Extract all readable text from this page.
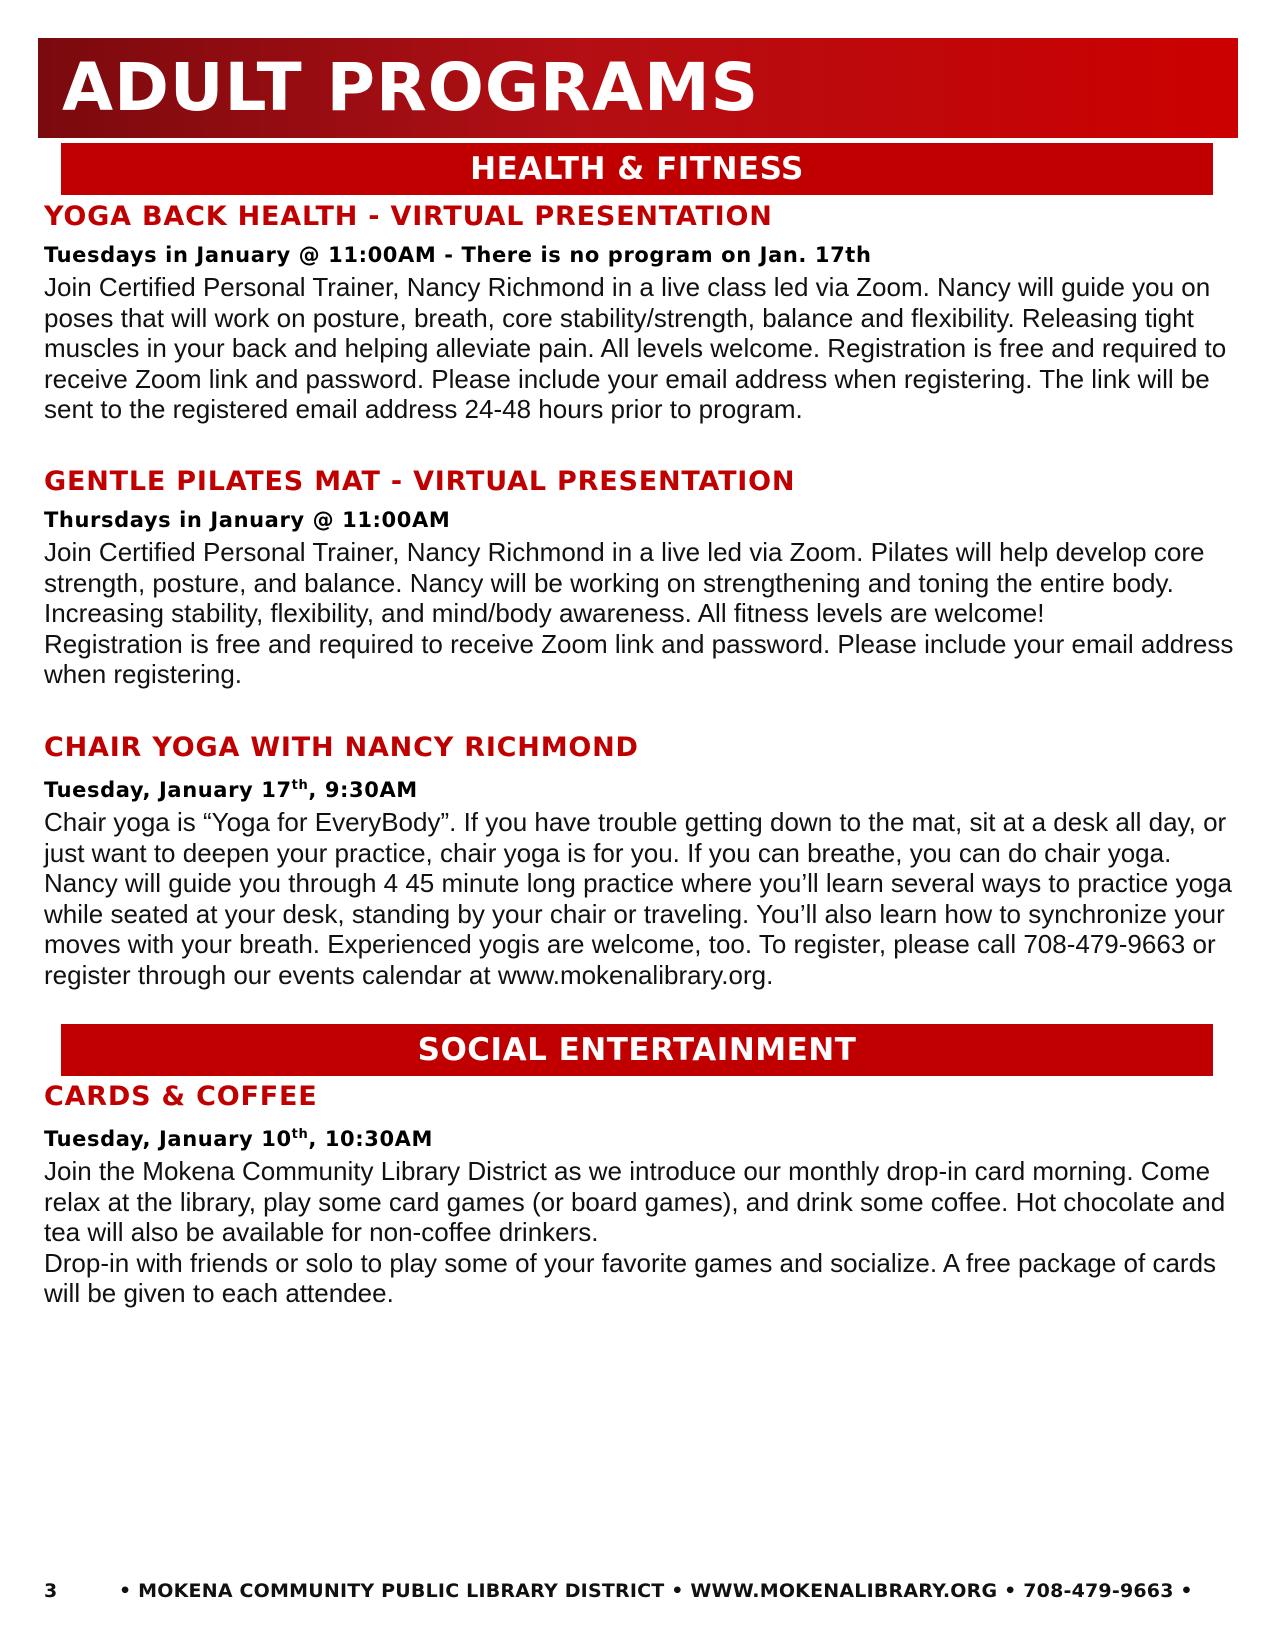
ADULT PROGRAMS
HEALTH & FITNESS
YOGA BACK HEALTH - VIRTUAL PRESENTATION
Tuesdays in January @ 11:00AM - There is no program on Jan. 17th

Join Certified Personal Trainer, Nancy Richmond in a live class led via Zoom. Nancy will guide you on poses that will work on posture, breath, core stability/strength, balance and flexibility. Releasing tight muscles in your back and helping alleviate pain. All levels welcome. Registration is free and required to receive Zoom link and password. Please include your email address when registering. The link will be sent to the registered email address 24-48 hours prior to program.

GENTLE PILATES MAT - VIRTUAL PRESENTATION
Thursdays in January @ 11:00AM

Join Certified Personal Trainer, Nancy Richmond in a live led via Zoom. Pilates will help develop core strength, posture, and balance. Nancy will be working on strengthening and toning the entire body. Increasing stability, flexibility, and mind/body awareness. All fitness levels are welcome!

Registration is free and required to receive Zoom link and password. Please include your email address when registering.

CHAIR YOGA WITH NANCY RICHMOND
Tuesday, January 17th, 9:30AM

Chair yoga is “Yoga for EveryBody”. If you have trouble getting down to the mat, sit at a desk all day, or just want to deepen your practice, chair yoga is for you. If you can breathe, you can do chair yoga. Nancy will guide you through 4 45 minute long practice where you’ll learn several ways to practice yoga while seated at your desk, standing by your chair or traveling. You’ll also learn how to synchronize your moves with your breath. Experienced yogis are welcome, too. To register, please call 708-479-9663 or register through our events calendar at www.mokenalibrary.org.

SOCIAL ENTERTAINMENT
CARDS & COFFEE
Tuesday, January 10th, 10:30AM

Join the Mokena Community Library District as we introduce our monthly drop-in card morning. Come relax at the library, play some card games (or board games), and drink some coffee. Hot chocolate and tea will also be available for non-coffee drinkers.

Drop-in with friends or solo to play some of your favorite games and socialize. A free package of cards will be given to each attendee.

3	• MOKENA COMMUNITY PUBLIC LIBRARY DISTRICT • WWW.MOKENALIBRARY.ORG • 708-479-9663 •
